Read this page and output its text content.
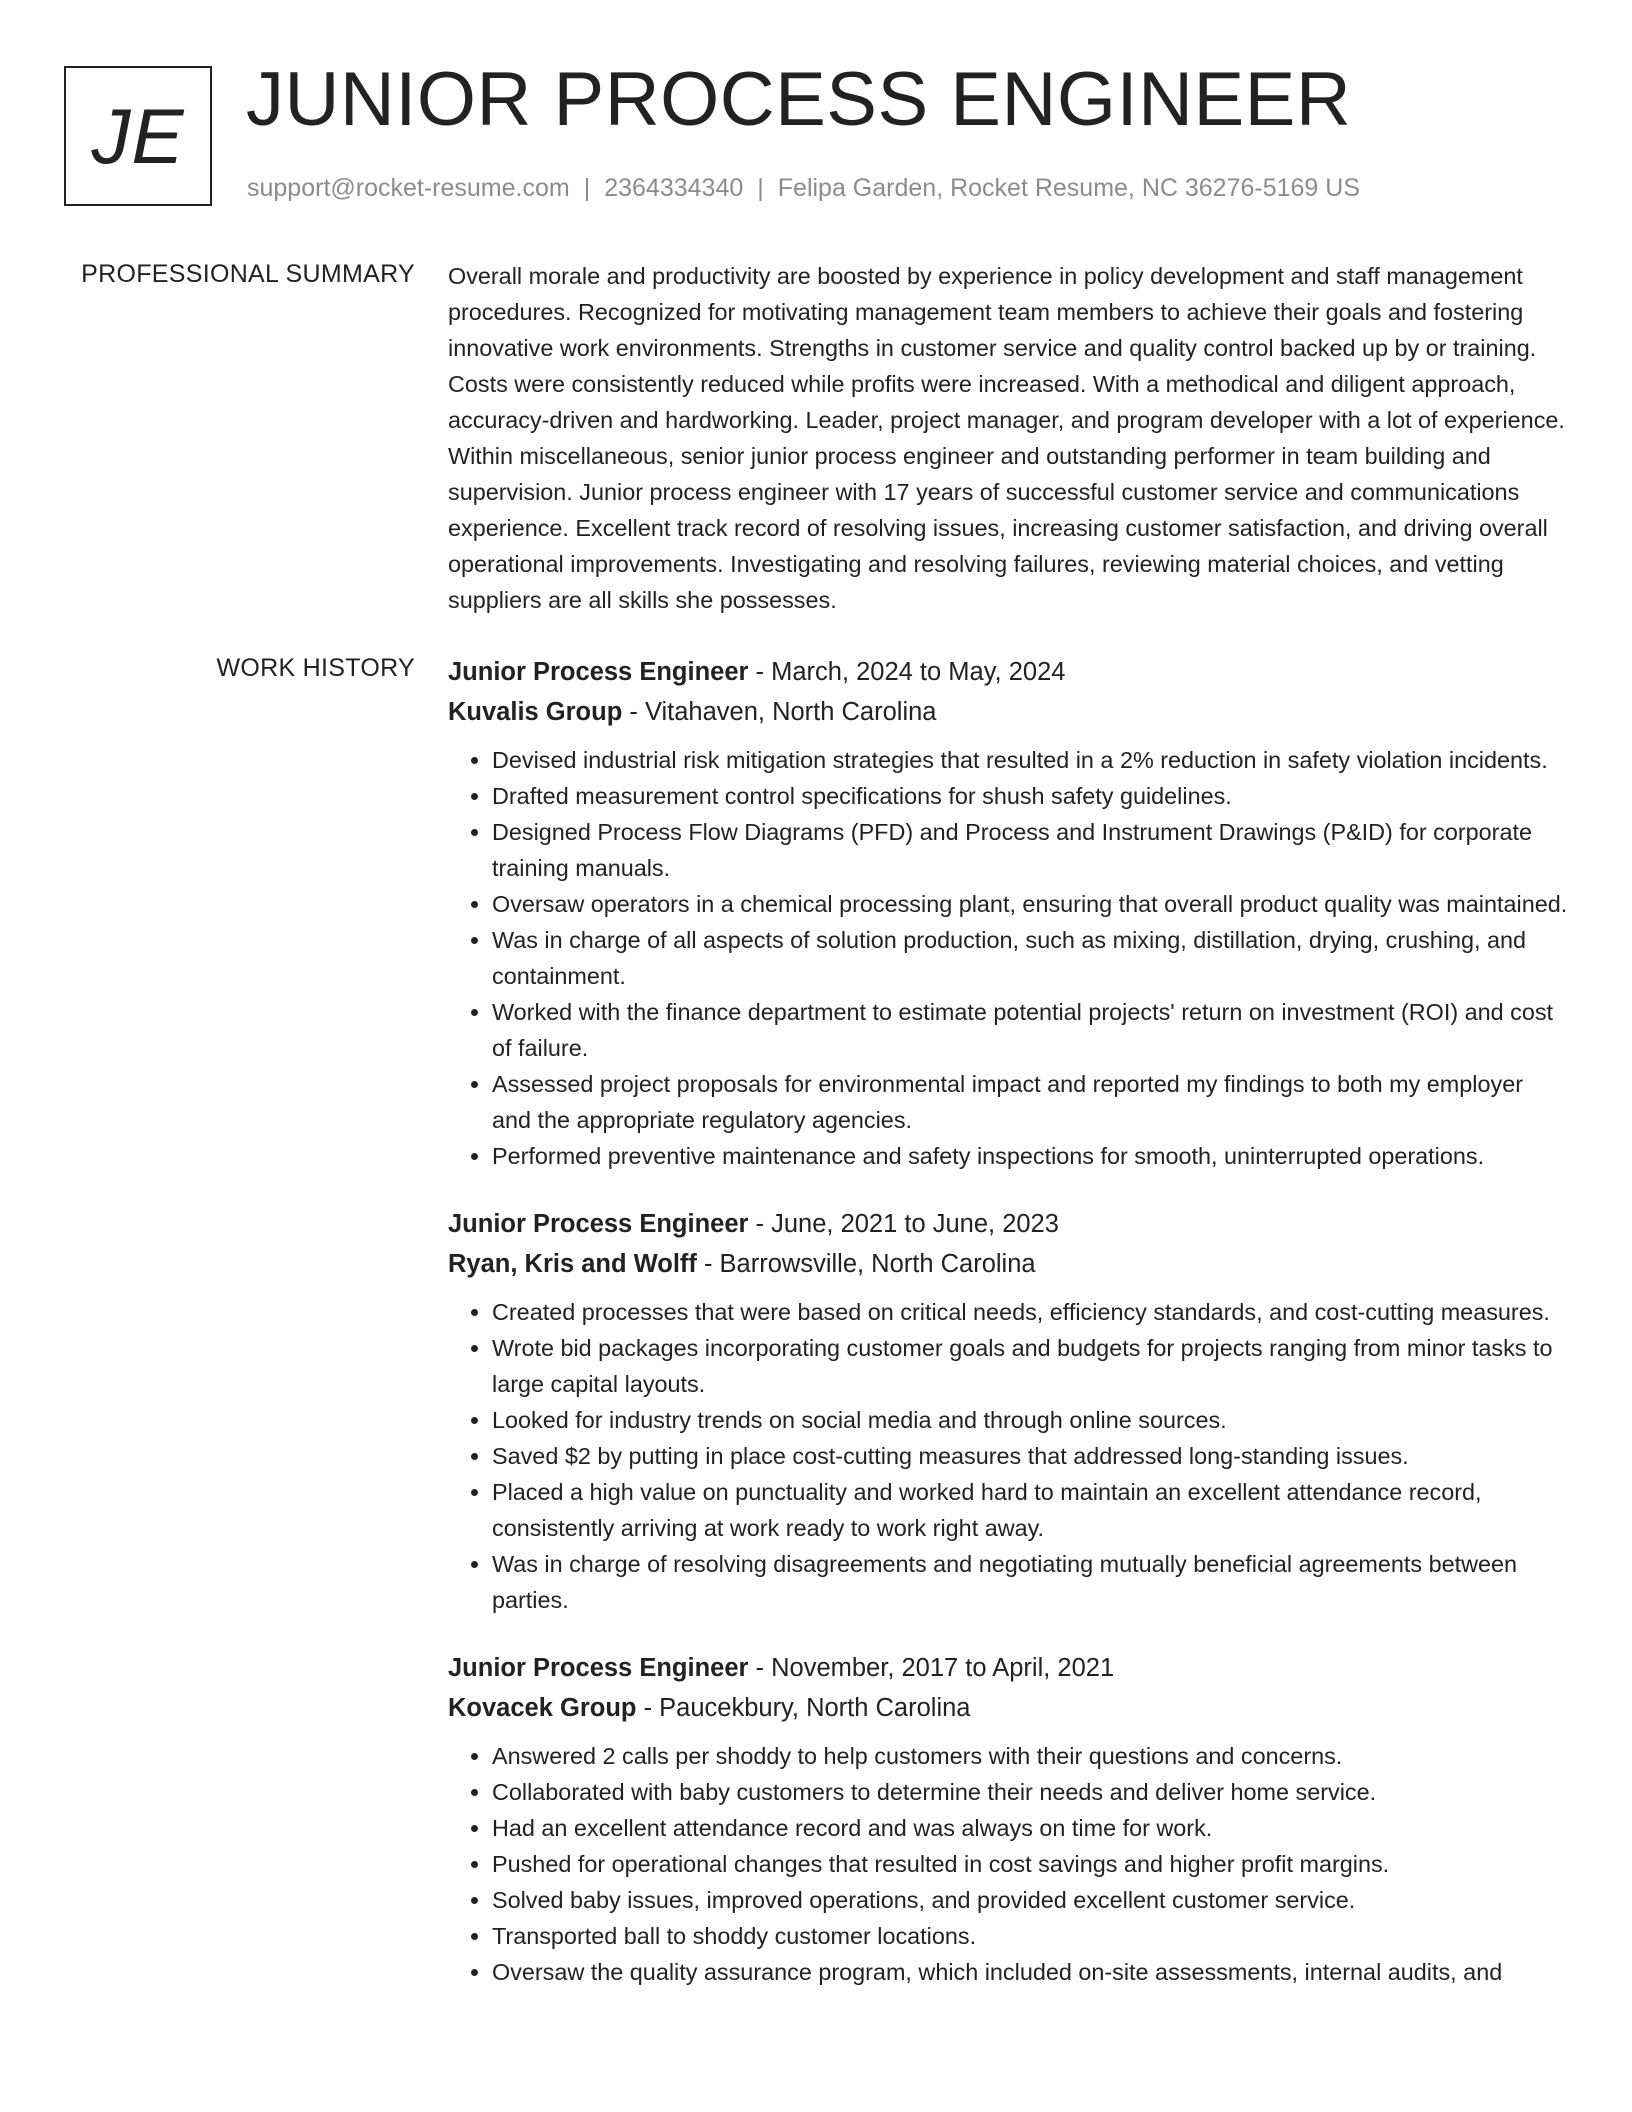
JE JUNIOR PROCESS ENGINEER
support@rocket-resume.com | 2364334340 | Felipa Garden, Rocket Resume, NC 36276-5169 US
PROFESSIONAL SUMMARY Overall morale and productivity are boosted by experience in policy development and staff management procedures. Recognized for motivating management team members to achieve their goals and fostering innovative work environments. Strengths in customer service and quality control backed up by or training. Costs were consistently reduced while profits were increased. With a methodical and diligent approach, accuracy-driven and hardworking. Leader, project manager, and program developer with a lot of experience. Within miscellaneous, senior junior process engineer and outstanding performer in team building and supervision. Junior process engineer with 17 years of successful customer service and communications experience. Excellent track record of resolving issues, increasing customer satisfaction, and driving overall operational improvements. Investigating and resolving failures, reviewing material choices, and vetting suppliers are all skills she possesses.

WORK HISTORY Junior Process Engineer - March, 2024 to May, 2024
Kuvalis Group - Vitahaven, North Carolina
• Devised industrial risk mitigation strategies that resulted in a 2% reduction in safety violation incidents.
• Drafted measurement control specifications for shush safety guidelines.
• Designed Process Flow Diagrams (PFD) and Process and Instrument Drawings (P&ID) for corporate training manuals.
• Oversaw operators in a chemical processing plant, ensuring that overall product quality was maintained.
• Was in charge of all aspects of solution production, such as mixing, distillation, drying, crushing, and containment.
• Worked with the finance department to estimate potential projects' return on investment (ROI) and cost of failure.
• Assessed project proposals for environmental impact and reported my findings to both my employer and the appropriate regulatory agencies.
• Performed preventive maintenance and safety inspections for smooth, uninterrupted operations.
Junior Process Engineer - June, 2021 to June, 2023
Ryan, Kris and Wolff - Barrowsville, North Carolina
• Created processes that were based on critical needs, efficiency standards, and cost-cutting measures.
• Wrote bid packages incorporating customer goals and budgets for projects ranging from minor tasks to large capital layouts.
• Looked for industry trends on social media and through online sources.
• Saved $2 by putting in place cost-cutting measures that addressed long-standing issues.
• Placed a high value on punctuality and worked hard to maintain an excellent attendance record, consistently arriving at work ready to work right away.
• Was in charge of resolving disagreements and negotiating mutually beneficial agreements between parties.
Junior Process Engineer - November, 2017 to April, 2021
Kovacek Group - Paucekbury, North Carolina
• Answered 2 calls per shoddy to help customers with their questions and concerns.
• Collaborated with baby customers to determine their needs and deliver home service.
• Had an excellent attendance record and was always on time for work.
• Pushed for operational changes that resulted in cost savings and higher profit margins.
• Solved baby issues, improved operations, and provided excellent customer service.
• Transported ball to shoddy customer locations.
• Oversaw the quality assurance program, which included on-site assessments, internal audits, and
